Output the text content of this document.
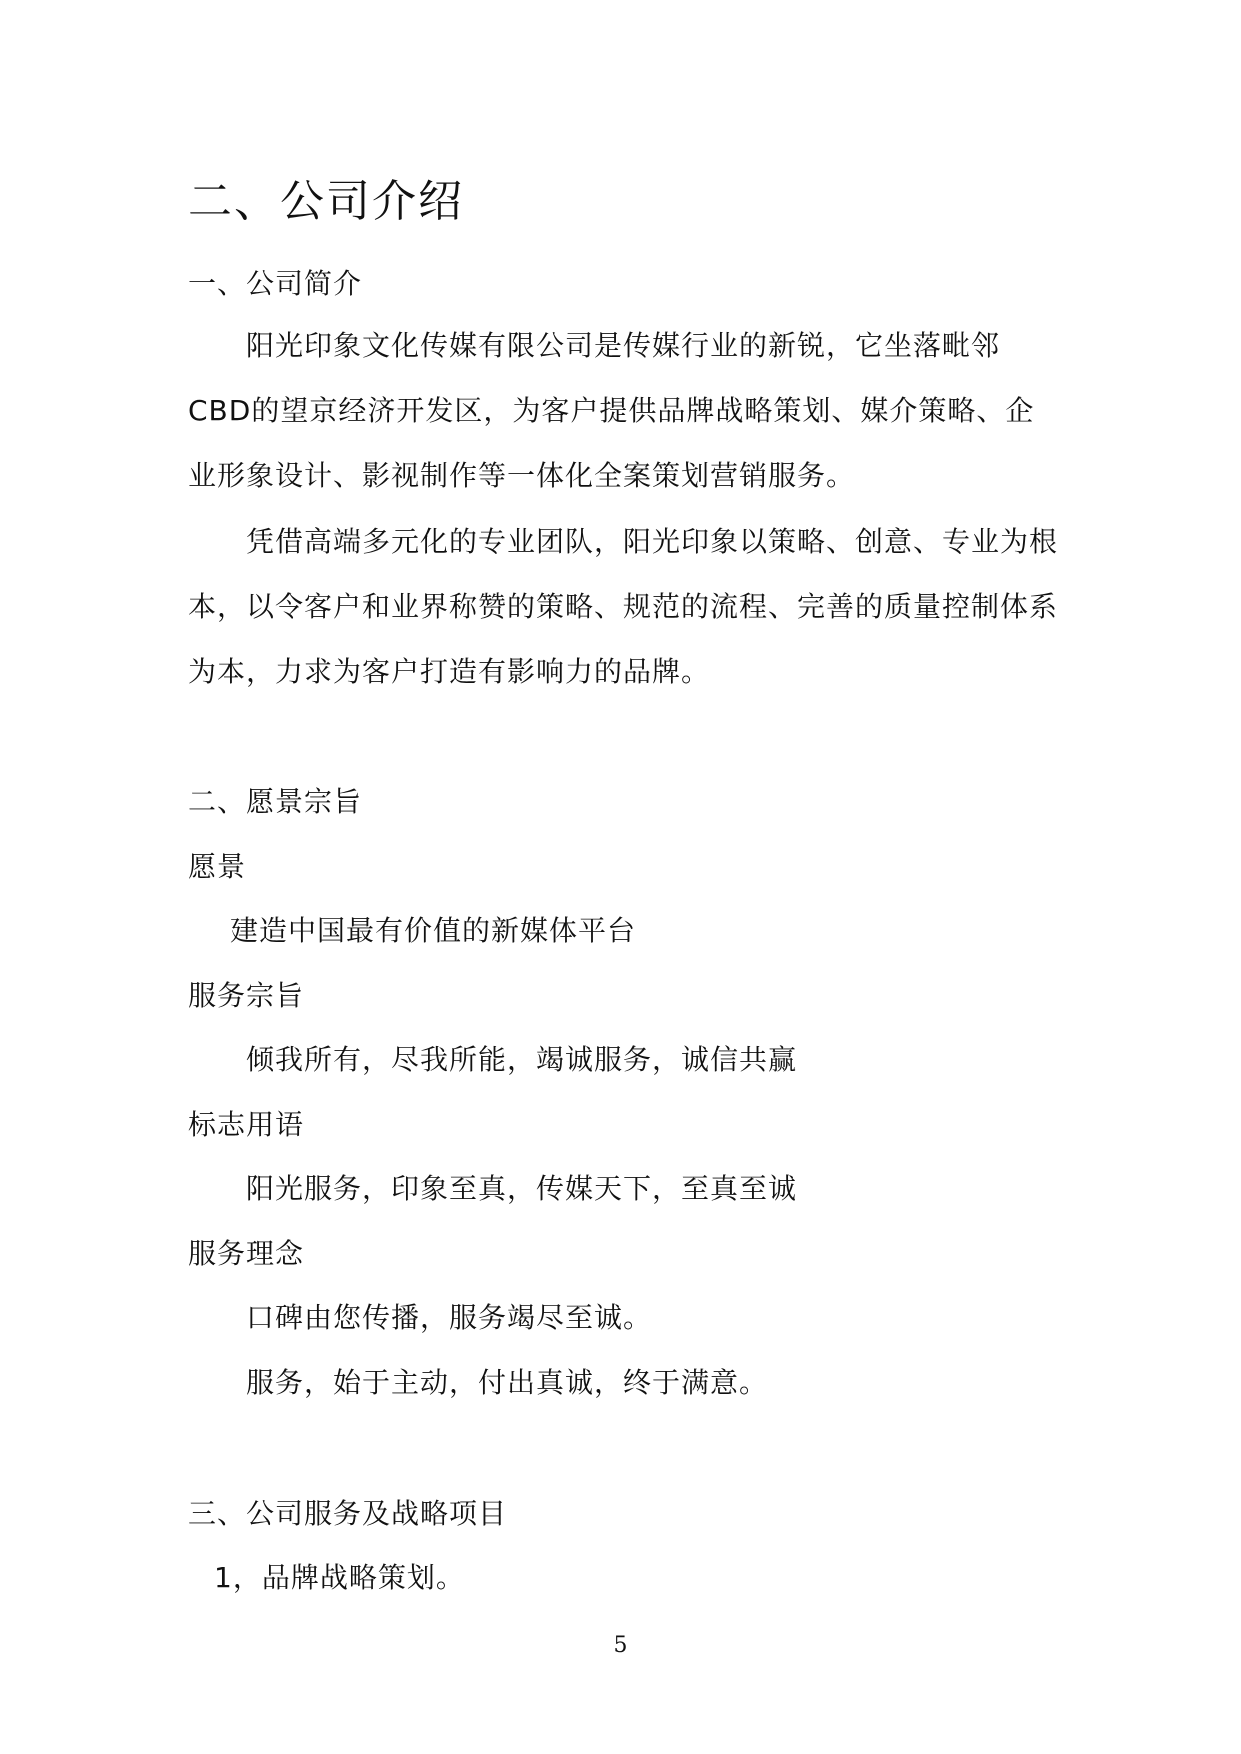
二、公司介绍
一、公司简介

阳光印象文化传媒有限公司是传媒行业的新锐，它坐落毗邻CBD的望京经济开发区，为客户提供品牌战略策划、媒介策略、企业形象设计、影视制作等一体化全案策划营销服务。

凭借高端多元化的专业团队，阳光印象以策略、创意、专业为根本，以令客户和业界称赞的策略、规范的流程、完善的质量控制体系为本，力求为客户打造有影响力的品牌。

二、愿景宗旨
愿景
建造中国最有价值的新媒体平台
服务宗旨
倾我所有，尽我所能，竭诚服务，诚信共赢
标志用语
阳光服务，印象至真，传媒天下，至真至诚
服务理念
口碑由您传播，服务竭尽至诚。
服务，始于主动，付出真诚，终于满意。
三、公司服务及战略项目
1，品牌战略策划。
5
